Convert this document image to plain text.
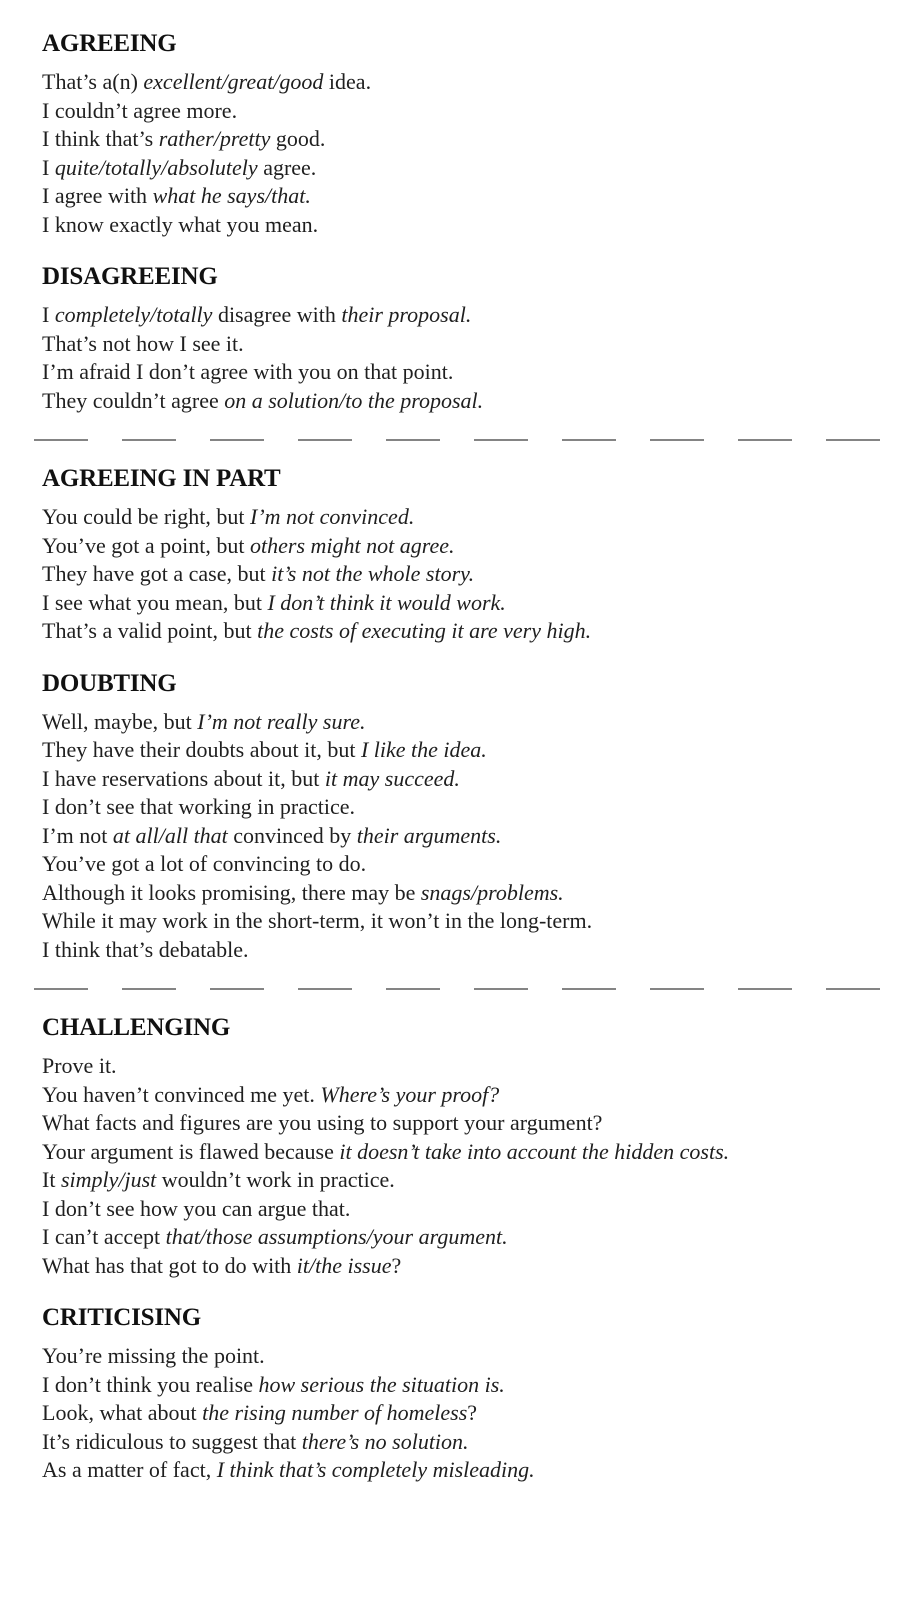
AGREEING

That’s a(n) excellent/great/good idea.

I couldn’t agree more.

I think that’s rather/pretty good.

I quite/totally/absolutely agree.

I agree with what he says/that.

I know exactly what you mean.

DISAGREEING

I completely/totally disagree with their proposal.

That’s not how I see it.

I’m afraid I don’t agree with you on that point.

They couldn’t agree on a solution/to the proposal.

AGREEING IN PART

You could be right, but I’m not convinced.

You’ve got a point, but others might not agree.

They have got a case, but it’s not the whole story.

I see what you mean, but I don’t think it would work.

That’s a valid point, but the costs of executing it are very high.

DOUBTING

Well, maybe, but I’m not really sure.

They have their doubts about it, but I like the idea.

I have reservations about it, but it may succeed.

I don’t see that working in practice.

I’m not at all/all that convinced by their arguments.

You’ve got a lot of convincing to do.

Although it looks promising, there may be snags/problems.

While it may work in the short-term, it won’t in the long-term.

I think that’s debatable.

CHALLENGING

Prove it.

You haven’t convinced me yet. Where’s your proof?

What facts and figures are you using to support your argument?

Your argument is flawed because it doesn’t take into account the hidden costs.

It simply/just wouldn’t work in practice.

I don’t see how you can argue that.

I can’t accept that/those assumptions/your argument.

What has that got to do with it/the issue?

CRITICISING

You’re missing the point.

I don’t think you realise how serious the situation is.

Look, what about the rising number of homeless?

It’s ridiculous to suggest that there’s no solution.

As a matter of fact, I think that’s completely misleading.
